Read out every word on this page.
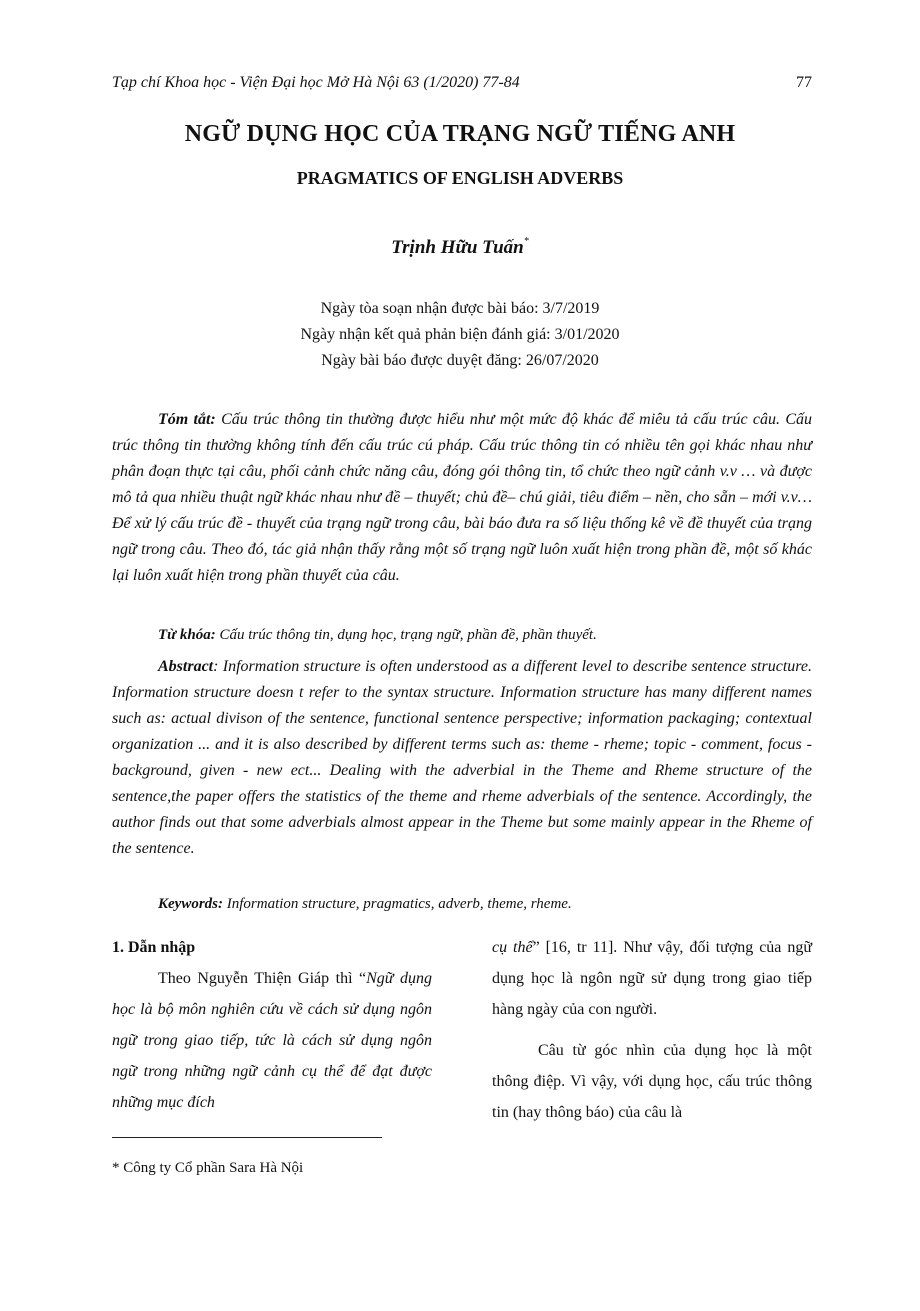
Tạp chí Khoa học - Viện Đại học Mở Hà Nội 63 (1/2020) 77-84	77
NGỮ DỤNG HỌC CỦA TRẠNG NGỮ TIẾNG ANH
PRAGMATICS OF ENGLISH ADVERBS
Trịnh Hữu Tuấn*
Ngày tòa soạn nhận được bài báo: 3/7/2019
Ngày nhận kết quả phản biện đánh giá: 3/01/2020
Ngày bài báo được duyệt đăng: 26/07/2020
Tóm tắt: Cấu trúc thông tin thường được hiểu như một mức độ khác để miêu tả cấu trúc câu. Cấu trúc thông tin thường không tính đến cấu trúc cú pháp. Cấu trúc thông tin có nhiều tên gọi khác nhau như phân đoạn thực tại câu, phối cảnh chức năng câu, đóng gói thông tin, tổ chức theo ngữ cảnh v.v … và được mô tả qua nhiều thuật ngữ khác nhau như đề – thuyết; chủ đề– chú giải, tiêu điểm – nền, cho sẵn – mới v.v… Để xử lý cấu trúc đề - thuyết của trạng ngữ trong câu, bài báo đưa ra số liệu thống kê về đề thuyết của trạng ngữ trong câu. Theo đó, tác giả nhận thấy rằng một số trạng ngữ luôn xuất hiện trong phần đề, một số khác lại luôn xuất hiện trong phần thuyết của câu.
Từ khóa: Cấu trúc thông tin, dụng học, trạng ngữ, phần đề, phần thuyết.
Abstract: Information structure is often understood as a different level to describe sentence structure. Information structure doesn t refer to the syntax structure. Information structure has many different names such as: actual divison of the sentence, functional sentence perspective; information packaging; contextual organization ... and it is also described by different terms such as: theme - rheme; topic - comment, focus - background, given - new ect... Dealing with the adverbial in the Theme and Rheme structure of the sentence,the paper offers the statistics of the theme and rheme adverbials of the sentence. Accordingly, the author finds out that some adverbials almost appear in the Theme but some mainly appear in the Rheme of the sentence.
Keywords: Information structure, pragmatics, adverb, theme, rheme.

1. Dẫn nhập

Theo Nguyễn Thiện Giáp thì “Ngữ dụng học là bộ môn nghiên cứu về cách sử dụng ngôn ngữ trong giao tiếp, tức là cách sử dụng ngôn ngữ trong những ngữ cảnh cụ thể để đạt được những mục đích

cụ thể” [16, tr 11]. Như vậy, đối tượng của ngữ dụng học là ngôn ngữ sử dụng trong giao tiếp hàng ngày của con người.

Câu từ góc nhìn của dụng học là một thông điệp. Vì vậy, với dụng học, cấu trúc thông tin (hay thông báo) của câu là

* Công ty Cổ phần Sara Hà Nội
